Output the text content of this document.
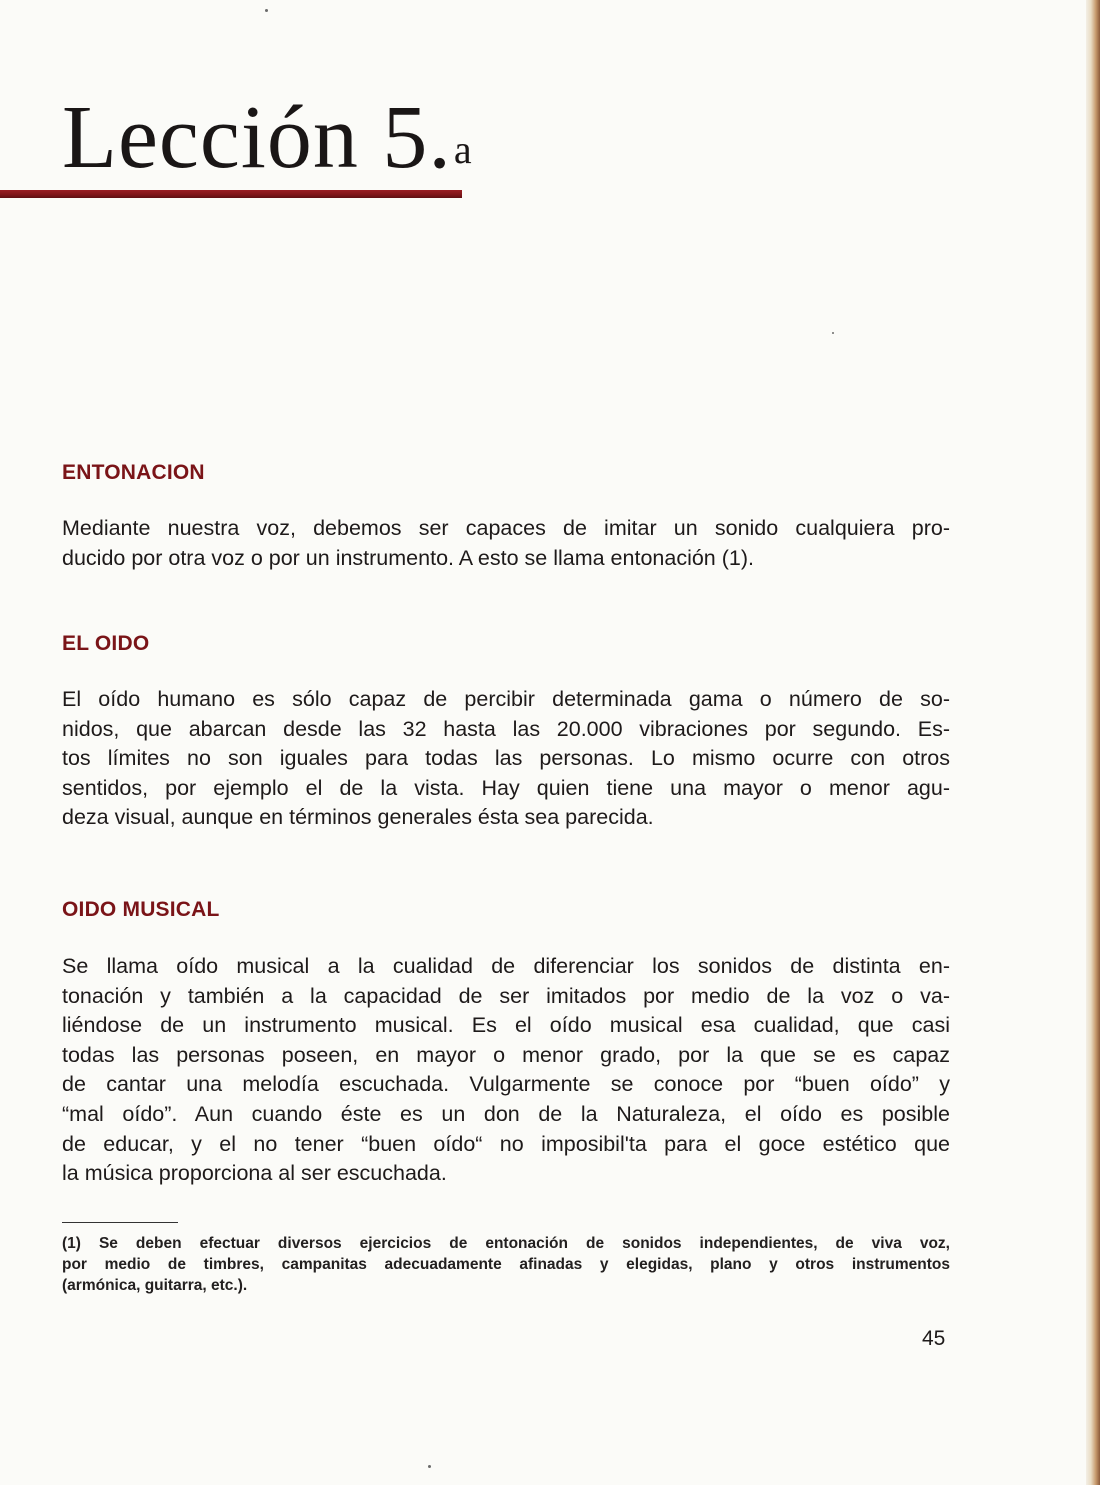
Lección 5.$^a$
ENTONACION

Mediante nuestra voz, debemos ser capaces de imitar un sonido cualquiera pro-
ducido por otra voz o por un instrumento. A esto se llama entonación (1).

EL OIDO

El oído humano es sólo capaz de percibir determinada gama o número de so-
nidos, que abarcan desde las 32 hasta las 20.000 vibraciones por segundo. Es-
tos límites no son iguales para todas las personas. Lo mismo ocurre con otros
sentidos, por ejemplo el de la vista. Hay quien tiene una mayor o menor agu-
deza visual, aunque en términos generales ésta sea parecida.

OIDO MUSICAL

Se llama oído musical a la cualidad de diferenciar los sonidos de distinta en-
tonación y también a la capacidad de ser imitados por medio de la voz o va-
liéndose de un instrumento musical. Es el oído musical esa cualidad, que casi
todas las personas poseen, en mayor o menor grado, por la que se es capaz
de cantar una melodía escuchada. Vulgarmente se conoce por “buen oído” y
“mal oído”. Aun cuando éste es un don de la Naturaleza, el oído es posible
de educar, y el no tener “buen oído“ no imposibil'ta para el goce estético que
la música proporciona al ser escuchada.

(1) Se deben efectuar diversos ejercicios de entonación de sonidos independientes, de viva voz,
por medio de timbres, campanitas adecuadamente afinadas y elegidas, plano y otros instrumentos
(armónica, guitarra, etc.).

45
